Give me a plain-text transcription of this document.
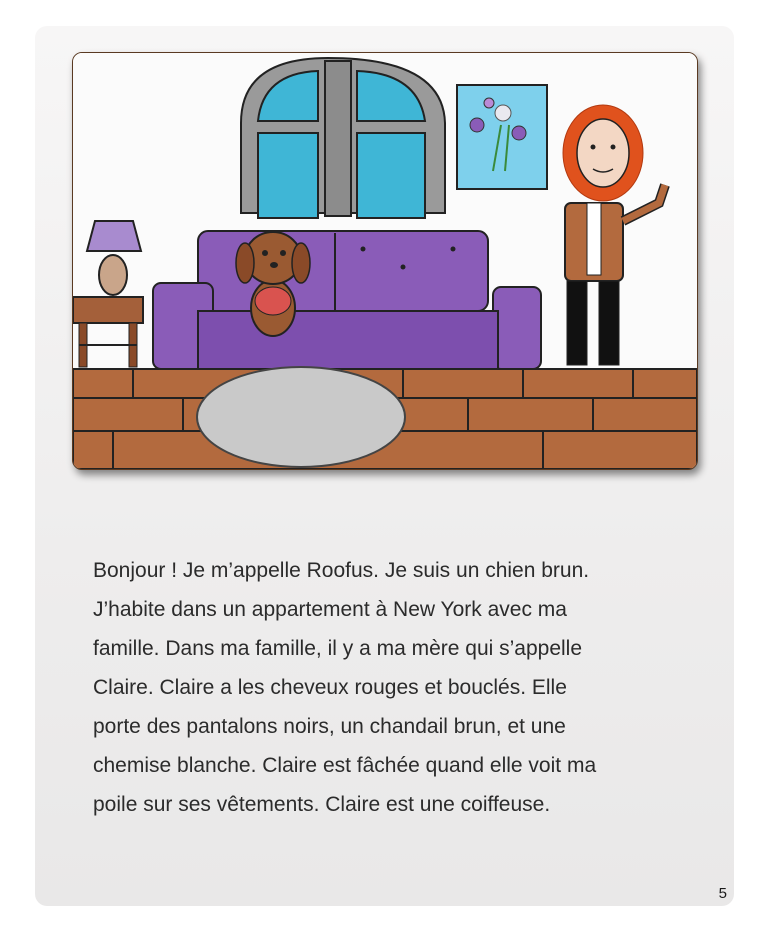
Bonjour ! Je m’appelle Roofus. Je suis un chien brun.
J’habite dans un appartement à New York avec ma
famille. Dans ma famille, il y a ma mère qui s’appelle
Claire. Claire a les cheveux rouges et bouclés. Elle
porte des pantalons noirs, un chandail brun, et une
chemise blanche. Claire est fâchée quand elle voit ma
poile sur ses vêtements. Claire est une coiffeuse.

5
